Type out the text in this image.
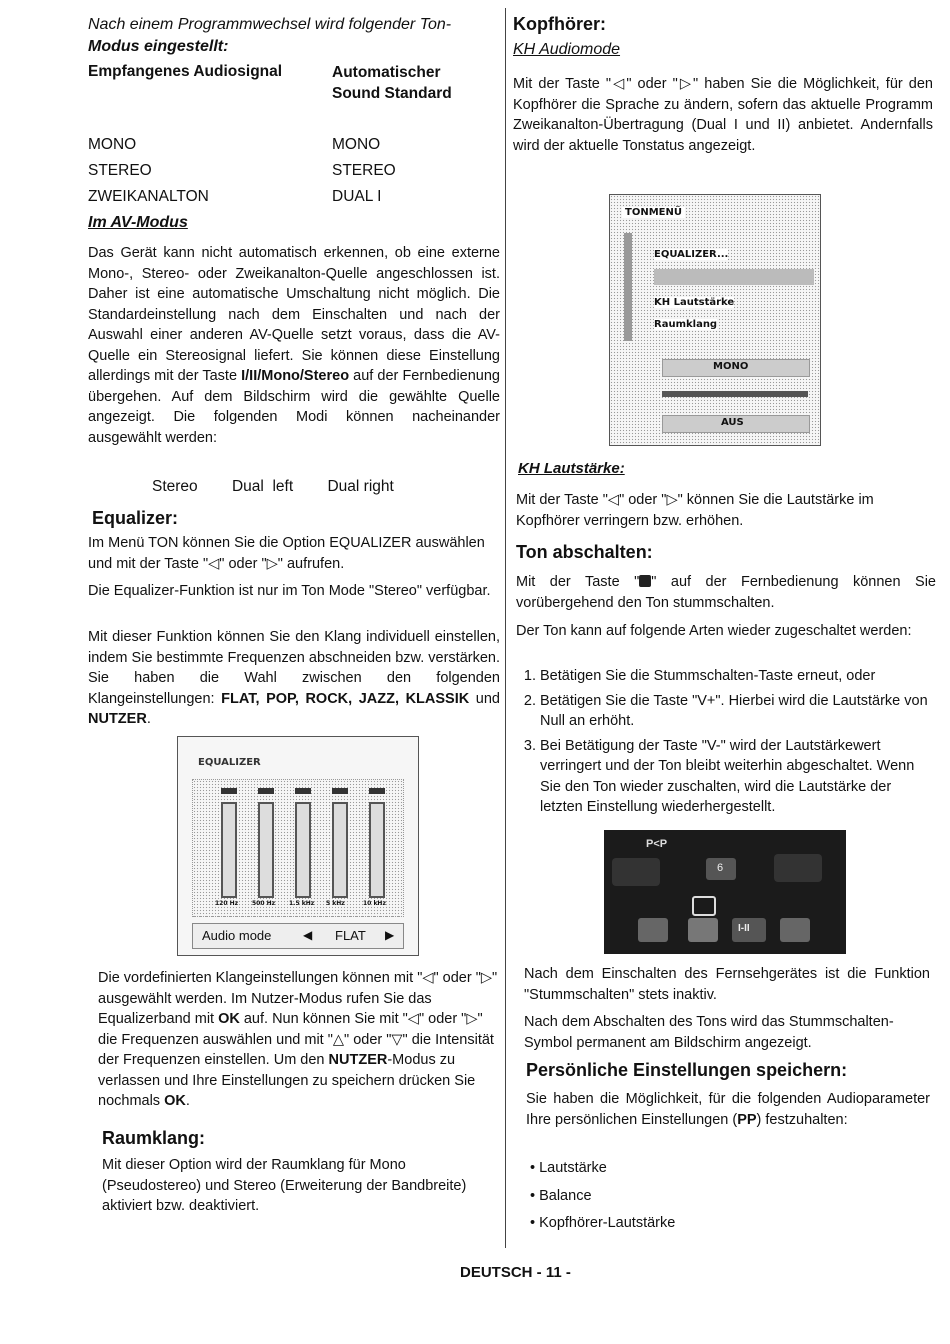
Nach einem Programmwechsel wird folgender Ton-
Modus eingestellt:
Empfangenes Audiosignal	Automatischer
Sound Standard
MONO	MONO
STEREO	STEREO
ZWEIKANALTON	DUAL I
Im AV-Modus

Das Gerät kann nicht automatisch erkennen, ob eine externe Mono-, Stereo- oder Zweikanalton-Quelle angeschlossen ist. Daher ist eine automatische Umschaltung nicht möglich. Die Standardeinstellung nach dem Einschalten und nach der Auswahl einer anderen AV-Quelle setzt voraus, dass die AV-Quelle ein Stereosignal liefert. Sie können diese Einstellung allerdings mit der Taste I/II/Mono/Stereo auf der Fernbedienung übergehen. Auf dem Bildschirm wird die gewählte Quelle angezeigt. Die folgenden Modi können nacheinander ausgewählt werden:

Stereo Dual  left Dual right
Equalizer:

Im Menü TON können Sie die Option EQUALIZER auswählen und mit der Taste "◁" oder "▷" aufrufen.

Die Equalizer-Funktion ist nur im Ton Mode "Stereo" verfügbar.

Mit dieser Funktion können Sie den Klang individuell einstellen, indem Sie bestimmte Frequenzen abschneiden bzw. verstärken. Sie haben die Wahl zwischen den folgenden Klangeinstellungen: FLAT, POP, ROCK, JAZZ, KLASSIK und NUTZER.

EQUALIZER
120 Hz 500 Hz 1.5 kHz 5 kHz	10 kHz
Audio mode	◀ FLAT ▶

Die vordefinierten Klangeinstellungen können mit "◁" oder "▷" ausgewählt werden. Im Nutzer-Modus rufen Sie das Equalizerband mit OK auf. Nun können Sie mit "◁" oder "▷" die Frequenzen auswählen und mit "△" oder "▽" die Intensität der Frequenzen einstellen. Um den NUTZER-Modus zu verlassen und Ihre Einstellungen zu speichern drücken Sie nochmals OK.

Raumklang:

Mit dieser Option wird der Raumklang für Mono (Pseudostereo) und Stereo (Erweiterung der Bandbreite) aktiviert bzw. deaktiviert.

Kopfhörer:
KH Audiomode

Mit der Taste "◁" oder "▷" haben Sie die Möglichkeit, für den Kopfhörer die Sprache zu ändern, sofern das aktuelle Programm Zweikanalton-Übertragung (Dual I und II) anbietet. Andernfalls wird der aktuelle Tonstatus angezeigt.

TONMENÜ
EQUALIZER...
KH Lautstärke
Raumklang
MONO
AUS
KH Lautstärke:

Mit der Taste "◁" oder "▷" können Sie die Lautstärke im Kopfhörer verringern bzw. erhöhen.

Ton abschalten:

Mit der Taste " " auf der Fernbedienung können Sie vorübergehend den Ton stummschalten.

Der Ton kann auf folgende Arten wieder zugeschaltet werden:

1. Betätigen Sie die Stummschalten-Taste erneut, oder
2. Betätigen Sie die Taste "V+". Hierbei wird die Lautstärke von Null an erhöht.
3. Bei Betätigung der Taste "V-" wird der Lautstärkewert verringert und der Ton bleibt weiterhin abgeschaltet. Wenn Sie den Ton wieder zuschalten, wird die Lautstärke der letzten Einstellung wiederhergestellt.
P<P
6
I-II

Nach dem Einschalten des Fernsehgerätes ist die Funktion "Stummschalten" stets inaktiv.

Nach dem Abschalten des Tons wird das Stummschalten-Symbol permanent am Bildschirm angezeigt.

Persönliche Einstellungen speichern:

Sie haben die Möglichkeit, für die folgenden Audioparameter Ihre persönlichen Einstellungen (PP) festzuhalten:

• Lautstärke
• Balance
• Kopfhörer-Lautstärke
DEUTSCH - 11 -
